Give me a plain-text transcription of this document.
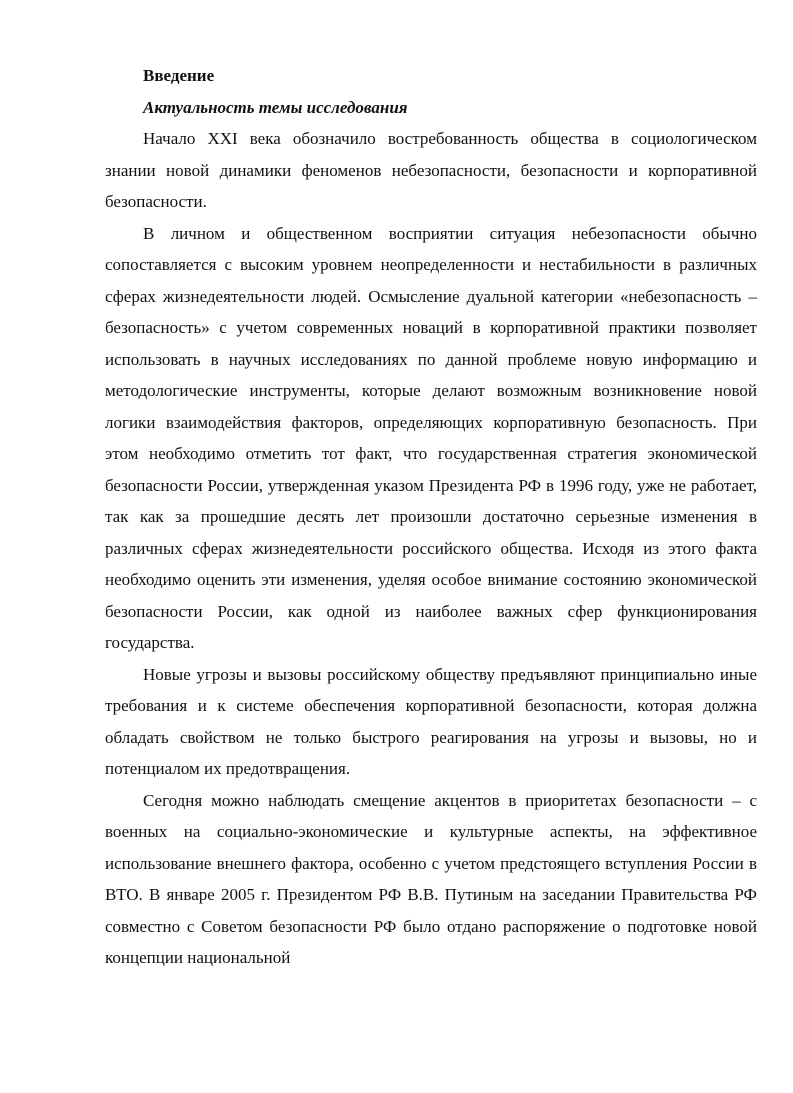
Введение
Актуальность темы исследования

Начало XXI века обозначило востребованность общества в социологическом знании новой динамики феноменов небезопасности, безопасности и корпоративной безопасности.

В личном и общественном восприятии ситуация небезопасности обычно сопоставляется с высоким уровнем неопределенности и нестабильности в различных сферах жизнедеятельности людей. Осмысление дуальной категории «небезопасность – безопасность» с учетом современных новаций в корпоративной практики позволяет использовать в научных исследованиях по данной проблеме новую информацию и методологические инструменты, которые делают возможным возникновение новой логики взаимодействия факторов, определяющих корпоративную безопасность. При этом необходимо отметить тот факт, что государственная стратегия экономической безопасности России, утвержденная указом Президента РФ в 1996 году, уже не работает, так как за прошедшие десять лет произошли достаточно серьезные изменения в различных сферах жизнедеятельности российского общества. Исходя из этого факта необходимо оценить эти изменения, уделяя особое внимание состоянию экономической безопасности России, как одной из наиболее важных сфер функционирования государства.

Новые угрозы и вызовы российскому обществу предъявляют принципиально иные требования и к системе обеспечения корпоративной безопасности, которая должна обладать свойством не только быстрого реагирования на угрозы и вызовы, но и потенциалом их предотвращения.

Сегодня можно наблюдать смещение акцентов в приоритетах безопасности – с военных на социально-экономические и культурные аспекты, на эффективное использование внешнего фактора, особенно с учетом предстоящего вступления России в ВТО. В январе 2005 г. Президентом РФ В.В. Путиным на заседании Правительства РФ совместно с Советом безопасности РФ было отдано распоряжение о подготовке новой концепции национальной
